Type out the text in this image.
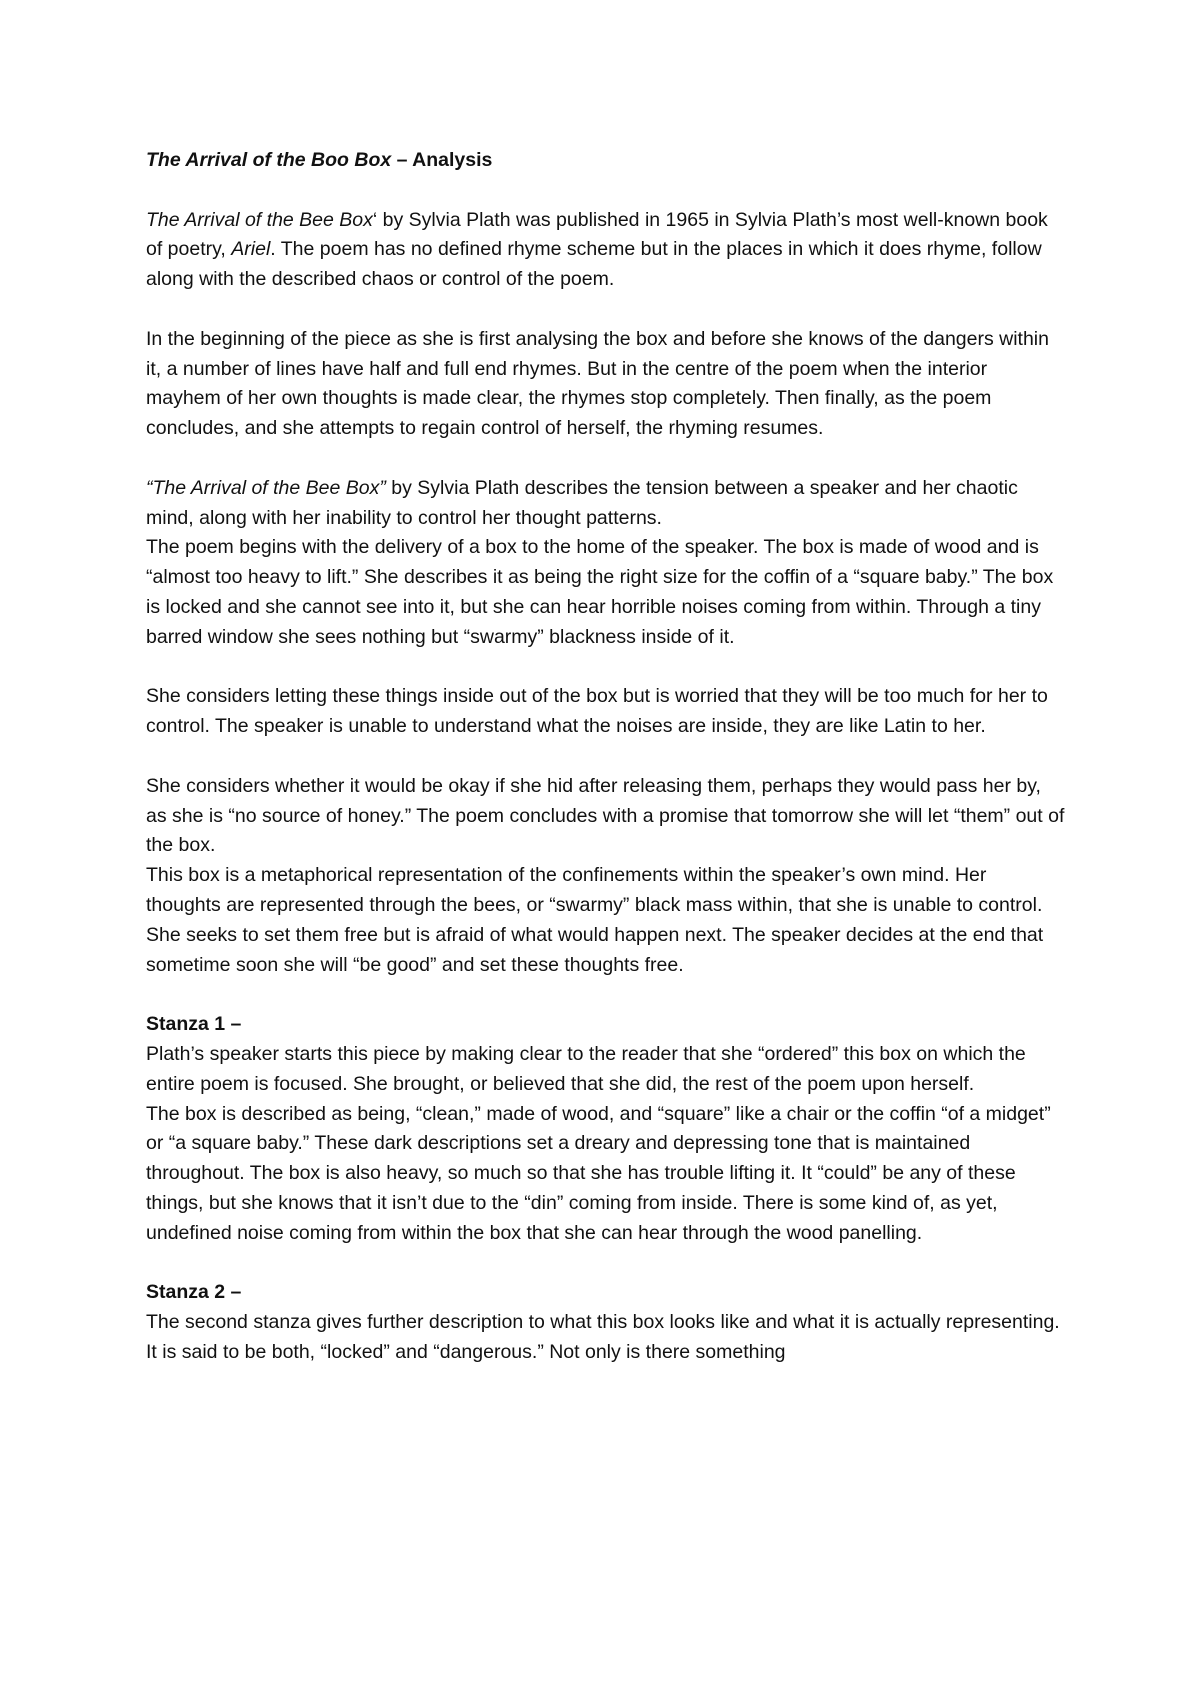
The Arrival of the Boo Box – Analysis

The Arrival of the Bee Box‘ by Sylvia Plath was published in 1965 in Sylvia Plath’s most well-known book of poetry, Ariel. The poem has no defined rhyme scheme but in the places in which it does rhyme, follow along with the described chaos or control of the poem.

In the beginning of the piece as she is first analysing the box and before she knows of the dangers within it, a number of lines have half and full end rhymes. But in the centre of the poem when the interior mayhem of her own thoughts is made clear, the rhymes stop completely. Then finally, as the poem concludes, and she attempts to regain control of herself, the rhyming resumes.

“The Arrival of the Bee Box” by Sylvia Plath describes the tension between a speaker and her chaotic mind, along with her inability to control her thought patterns.

The poem begins with the delivery of a box to the home of the speaker. The box is made of wood and is “almost too heavy to lift.” She describes it as being the right size for the coffin of a “square baby.” The box is locked and she cannot see into it, but she can hear horrible noises coming from within. Through a tiny barred window she sees nothing but “swarmy” blackness inside of it.

She considers letting these things inside out of the box but is worried that they will be too much for her to control. The speaker is unable to understand what the noises are inside, they are like Latin to her.

She considers whether it would be okay if she hid after releasing them, perhaps they would pass her by, as she is “no source of honey.” The poem concludes with a promise that tomorrow she will let “them” out of the box.

This box is a metaphorical representation of the confinements within the speaker’s own mind. Her thoughts are represented through the bees, or “swarmy” black mass within, that she is unable to control. She seeks to set them free but is afraid of what would happen next. The speaker decides at the end that sometime soon she will “be good” and set these thoughts free.

Stanza 1 –

Plath’s speaker starts this piece by making clear to the reader that she “ordered” this box on which the entire poem is focused. She brought, or believed that she did, the rest of the poem upon herself.

The box is described as being, “clean,” made of wood, and “square” like a chair or the coffin “of a midget” or “a square baby.” These dark descriptions set a dreary and depressing tone that is maintained throughout. The box is also heavy, so much so that she has trouble lifting it. It “could” be any of these things, but she knows that it isn’t due to the “din” coming from inside. There is some kind of, as yet, undefined noise coming from within the box that she can hear through the wood panelling.

Stanza 2 –

The second stanza gives further description to what this box looks like and what it is actually representing. It is said to be both, “locked” and “dangerous.” Not only is there something
